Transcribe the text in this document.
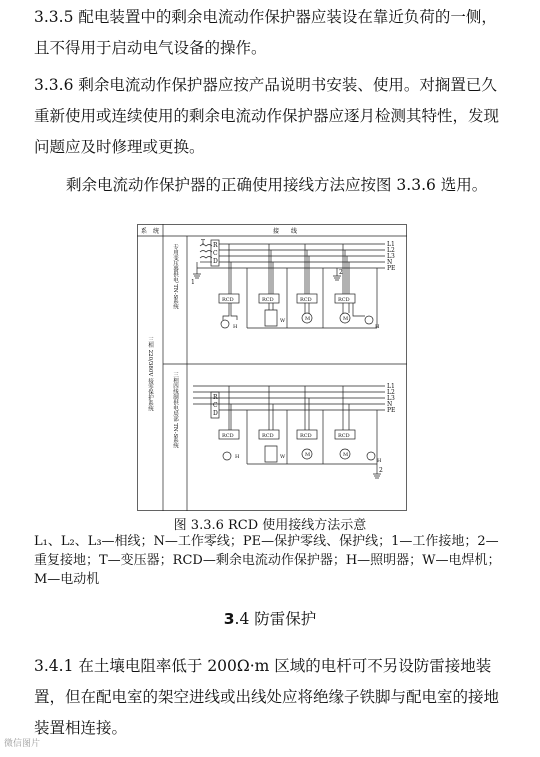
3.3.5 配电装置中的剩余电流动作保护器应装设在靠近负荷的一侧，且不得用于启动电气设备的操作。

3.3.6 剩余电流动作保护器应按产品说明书安装、使用。对搁置已久重新使用或连续使用的剩余电流动作保护器应逐月检测其特性，发现问题应及时修理或更换。

剩余电流动作保护器的正确使用接线方法应按图 3.3.6 选用。

系　统	接　　线
三相 220/380V 接零保护系统
专用变压器供电 TN-S系统
三相四线制供电局部 TN-S系统
T R
C
D
R
C
D
L1
L2
L3
N
PE
L1
L2
L3
N
PE
1
2
2
RCD	RCD	RCD	RCD
RCD	RCD	RCD	RCD
H
W	M	M
H
H	W	M	M
H
图 3.3.6 RCD 使用接线方法示意

L₁、L₂、L₃—相线；N—工作零线；PE—保护零线、保护线；1—工作接地；2—重复接地；T—变压器；RCD—剩余电流动作保护器；H—照明器；W—电焊机；M—电动机

3.4 防雷保护

3.4.1 在土壤电阻率低于 200Ω·m 区域的电杆可不另设防雷接地装置，但在配电室的架空进线或出线处应将绝缘子铁脚与配电室的接地装置相连接。

微信图片
